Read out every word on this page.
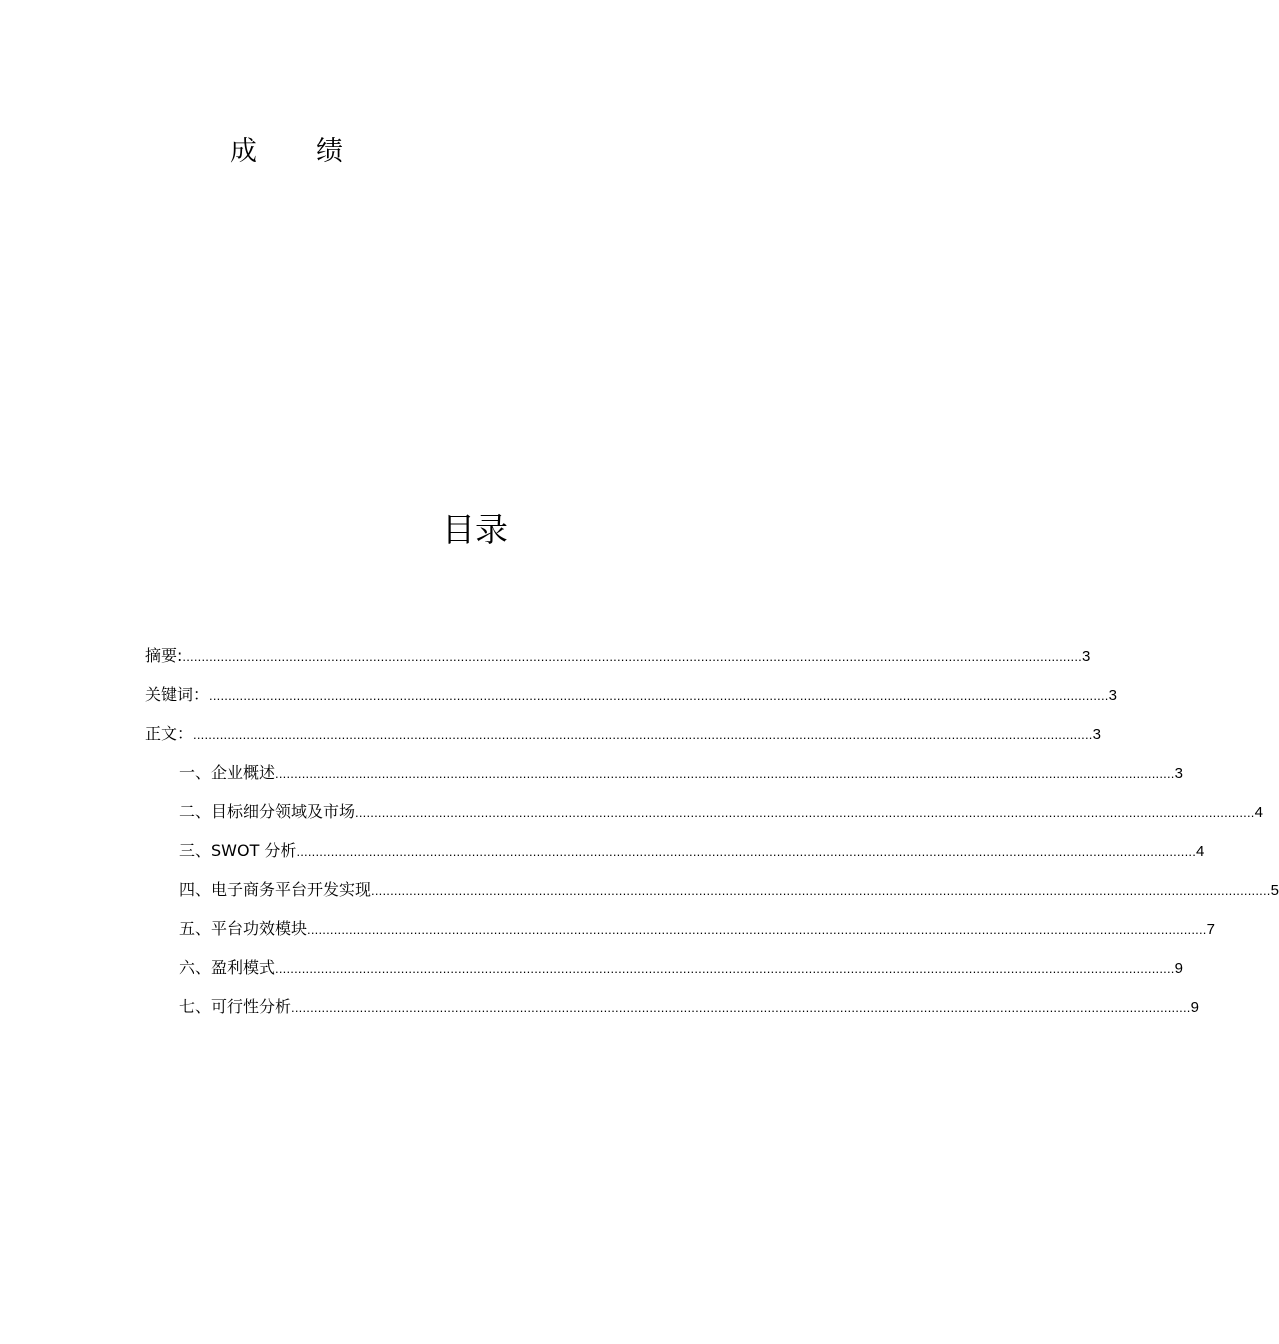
成	绩
目录
摘要: ............................................................................................................................................................................................................................................ 3
关键词： ............................................................................................................................................................................................................................................ 3
正文： ............................................................................................................................................................................................................................................ 3
一、企业概述 ............................................................................................................................................................................................................................................ 3
二、目标细分领域及市场 ............................................................................................................................................................................................................................................ 4
三、SWOT 分析 ............................................................................................................................................................................................................................................ 4
四、电子商务平台开发实现 ............................................................................................................................................................................................................................................ 5
五、平台功效模块 ............................................................................................................................................................................................................................................ 7
六、盈利模式 ............................................................................................................................................................................................................................................ 9
七、可行性分析 ............................................................................................................................................................................................................................................ 9
